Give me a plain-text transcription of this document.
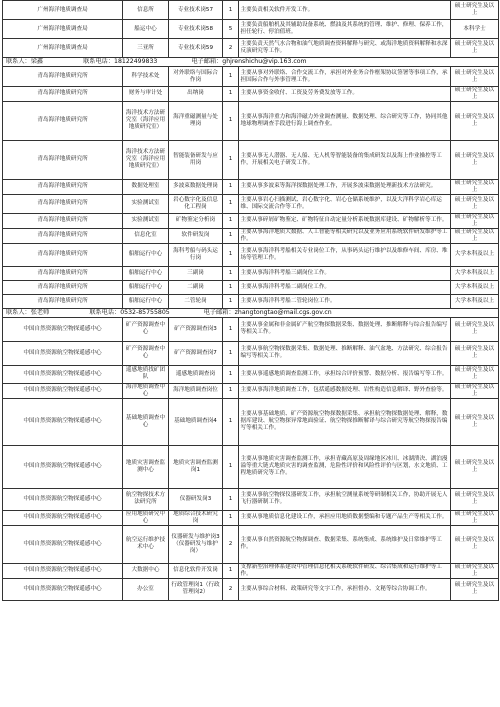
广州海洋地质调查局	信息所	专业技术岗57	1	主要负责相关软件开发工作。	硕士研究生及以上
广州海洋地质调查局	船运中心	专业技术岗58	5	主要负责船舶机及其辅助设备系统、燃油及其系统的管理、维护、修理、保养工作，担任轮行、停泊值班。	本科学士
广州海洋地质调查局	三亚所	专业技术岗59	2	主要负责天然气水合物和油气地质调查资料解释与研究、或海洋地质资料解释和水深反演研究等工作。	硕士研究生及以上
联系人：梁鑫 联系电话：18122499833 电子邮箱：ghjrenshichu@vip.163.com					
青岛海洋地质研究所	科学技术处	对外联络与国际合作岗	1	主要从事对外联络、合作交流工作，承担对外业务合作框架协议签署等事项工作，承担国际合作与外事管理工作。	硕士研究生及以上
青岛海洋地质研究所	财务与审计处	出纳岗	1	主要从事资金收付、工资及劳务费发放等工作。	硕士研究生及以上
青岛海洋地质研究所	海洋技术方法研究室（海洋应用地质研究室）	海洋重磁测量与处理岗	1	主要从事海洋重力和海洋磁力外业调查测量、数据处理、综合研究等工作，协同其他地球物理调查手段进行海上调查作业。	硕士研究生及以上
青岛海洋地质研究所	海洋技术方法研究室（海洋应用地质研究室）	智能装备研发与应用岗	1	主要从事无人潜器、无人船、无人机等智能装备的集成研发以及海上作业操控等工作，开展相关电子研发工作。	硕士研究生及以上
青岛海洋地质研究所	数据处理室	多波束数据处理岗	1	主要从事多波束等海洋探数据处理工作，开展多波束数据处理新技术方法研究。	硕士研究生及以上
青岛海洋地质研究所	实验测试室	岩心数字化及信息化工程岗	1	主要从事岩心扫描测试、岩心数字化、岩心仓储系统维护，以及大洋科学岩心库运维、国际交流合作等工作。	硕士研究生及以上
青岛海洋地质研究所	实验测试室	矿物鉴定分析岗	1	主要从事碎屑矿物鉴定、矿物特征自动定量分析系统数据库建设、矿物解析等工作。	硕士研究生及以上
青岛海洋地质研究所	信息化室	软件研发岗	1	主要从事海洋地质大数据、人工智能等相关研究以及业务应用系统软件研发维护等工作。	硕士研究生及以上
青岛海洋地质研究所	船舶运行中心	海科考船与码头运行岗	1	主要从事海洋科考船相关专业岗位工作，从事码头运行维护以及维修车间、库房、堆场等管理工作。	大学本科及以上
青岛海洋地质研究所	船舶运行中心	三副岗	1	主要从事海洋科考船三副岗位工作。	大学本科及以上
青岛海洋地质研究所	船舶运行中心	二副岗	1	主要从事海洋科考船二副岗位工作。	大学本科及以上
青岛海洋地质研究所	船舶运行中心	二管轮岗	1	主要从事海洋科考船二管轮岗位工作。	大学本科及以上
联系人：张老师 联系电话：0532-85755805 电子邮箱：zhangtongtao@mail.cgs.gov.cn					
中国自然资源航空物探遥感中心	矿产资源调查中心	矿产资源调查岗3	1	主要从事金属和非金属矿产航空物探数据采集、数据处理、推断解释与综合报告编写等相关工作。	硕士研究生及以上
中国自然资源航空物探遥感中心	矿产资源调查中心	矿产资源调查岗7	1	主要从事航空物探数据采集、数据处理、推断解释、油气盆地、方法研究、综合报告编写等相关工作。	硕士研究生及以上
中国自然资源航空物探遥感中心	遥感地质找矿团队	遥感地质调查岗	1	主要从事遥感地质调查监测工作，承担综合评价预警、数据分析、报告编写等工作。	硕士研究生及以上
中国自然资源航空物探遥感中心	海洋地质调查中心	海洋地质调查岗位	1	主要从事海洋地质调查工作，包括遥感数据处理、岩性构造信息解译、野外查验等。	硕士研究生及以上
中国自然资源航空物探遥感中心	基础地质调查中心	基础地质调查岗4	1	主要从事基础地质、矿产资源航空物探数据采集、承担航空物探数据处理、解释，数据库建设、航空物探异常地面验证、航空物探推断解译与综合研究等航空物探报告编写等相关工作。	硕士研究生及以上
中国自然资源航空物探遥感中心	地质灾害调查监测中心	地质灾害调查监测岗1	1	主要从事地质灾害调查监测工作，承担青藏高原及周缘地区冰川、冰湖溃决、湖泊漫溢等重大链式地质灾害的调查监测，危险性评价和风险性评价与区划，水文地质、工程地质研究等工作。	硕士研究生及以上
中国自然资源航空物探遥感中心	航空物探技术方法研究所	仪器研发岗3	1	主要从事航空物探仪器研发工作，承担航空测量系统等研制相关工作，协助开展无人飞行器研制工作。	硕士研究生及以上
中国自然资源航空物探遥感中心	应用地质研究中心	地质综合技术研究岗	1	主要从事地质信息化建设工作，承担应用地质数据整编和专题产品生产等相关工作。	硕士研究生及以上
中国自然资源航空物探遥感中心	航空运行维护技术中心	仪器研发与维护岗3（仪器研发与维护岗）	2	主要从事自然资源航空物探调查、数据采集、系统集成、系统维护及日常维护等工作。	硕士研究生及以上
中国自然资源航空物探遥感中心	大数据中心	信息化软件开发岗	1	支撑新型治理体系建设中管理信息化相关系统软件研发、综合集成和运行维护等工作。	硕士研究生及以上
中国自然资源航空物探遥感中心	办公室	行政管理岗1（行政管理岗2）	2	主要从事综合材料、政策研究等文字工作，承担督办、文秘等综合协调工作。	硕士研究生及以上
